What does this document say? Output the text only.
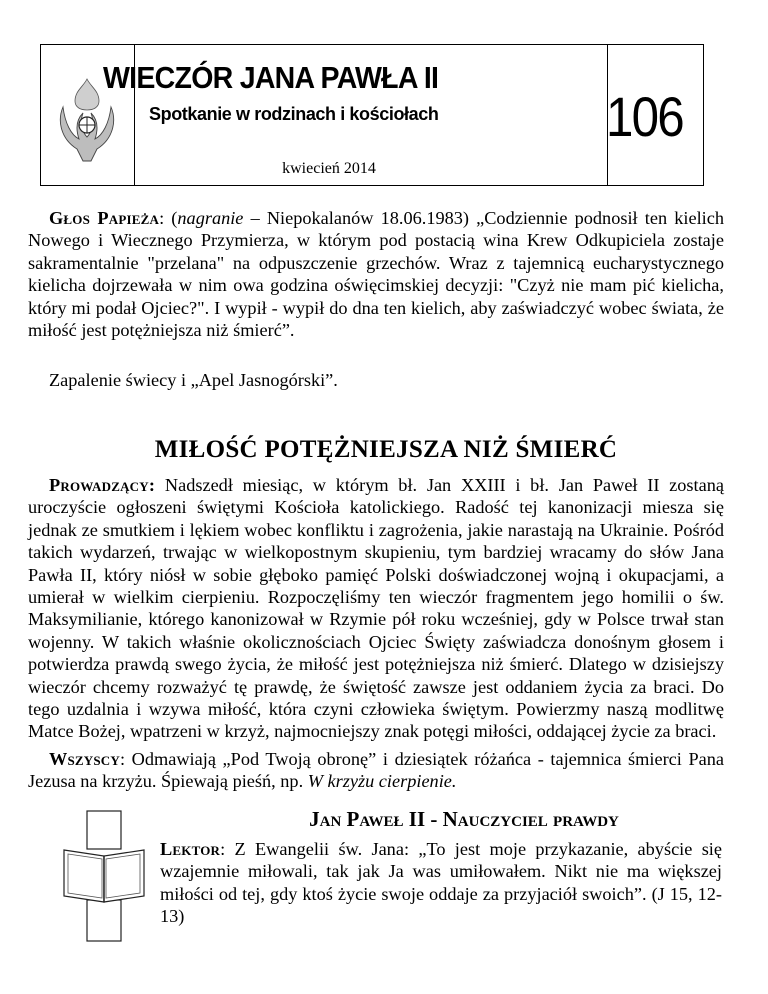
WIECZÓR JANA PAWŁA II
Spotkanie w rodzinach i kościołach
kwiecień 2014
106

Głos Papieża: (nagranie – Niepokalanów 18.06.1983) „Codziennie podnosił ten kielich Nowego i Wiecznego Przymierza, w którym pod postacią wina Krew Odkupiciela zostaje sakramentalnie "przelana" na odpuszczenie grzechów. Wraz z tajemnicą eucharystycznego kielicha dojrzewała w nim owa godzina oświęcimskiej decyzji: "Czyż nie mam pić kielicha, który mi podał Ojciec?". I wypił - wypił do dna ten kielich, aby zaświadczyć wobec świata, że miłość jest potężniejsza niż śmierć”.

Zapalenie świecy i „Apel Jasnogórski”.

MIŁOŚĆ POTĘŻNIEJSZA NIŻ ŚMIERĆ

Prowadzący: Nadszedł miesiąc, w którym bł. Jan XXIII i bł. Jan Paweł II zostaną uroczyście ogłoszeni świętymi Kościoła katolickiego. Radość tej kanonizacji miesza się jednak ze smutkiem i lękiem wobec konfliktu i zagrożenia, jakie narastają na Ukrainie. Pośród takich wydarzeń, trwając w wielkopostnym skupieniu, tym bardziej wracamy do słów Jana Pawła II, który niósł w sobie głęboko pamięć Polski doświadczonej wojną i okupacjami, a umierał w wielkim cierpieniu. Rozpoczęliśmy ten wieczór fragmentem jego homilii o św. Maksymilianie, którego kanonizował w Rzymie pół roku wcześniej, gdy w Polsce trwał stan wojenny. W takich właśnie okolicznościach Ojciec Święty zaświadcza donośnym głosem i potwierdza prawdą swego życia, że miłość jest potężniejsza niż śmierć. Dlatego w dzisiejszy wieczór chcemy rozważyć tę prawdę, że świętość zawsze jest oddaniem życia za braci. Do tego uzdalnia i wzywa miłość, która czyni człowieka świętym. Powierzmy naszą modlitwę Matce Bożej, wpatrzeni w krzyż, najmocniejszy znak potęgi miłości, oddającej życie za braci.

Wszyscy: Odmawiają „Pod Twoją obronę” i dziesiątek różańca - tajemnica śmierci Pana Jezusa na krzyżu. Śpiewają pieśń, np. W krzyżu cierpienie.

Jan Paweł II - Nauczyciel prawdy

Lektor: Z Ewangelii św. Jana: „To jest moje przykazanie, abyście się wzajemnie miłowali, tak jak Ja was umiłowałem. Nikt nie ma większej miłości od tej, gdy ktoś życie swoje oddaje za przyjaciół swoich”. (J 15, 12-13)
